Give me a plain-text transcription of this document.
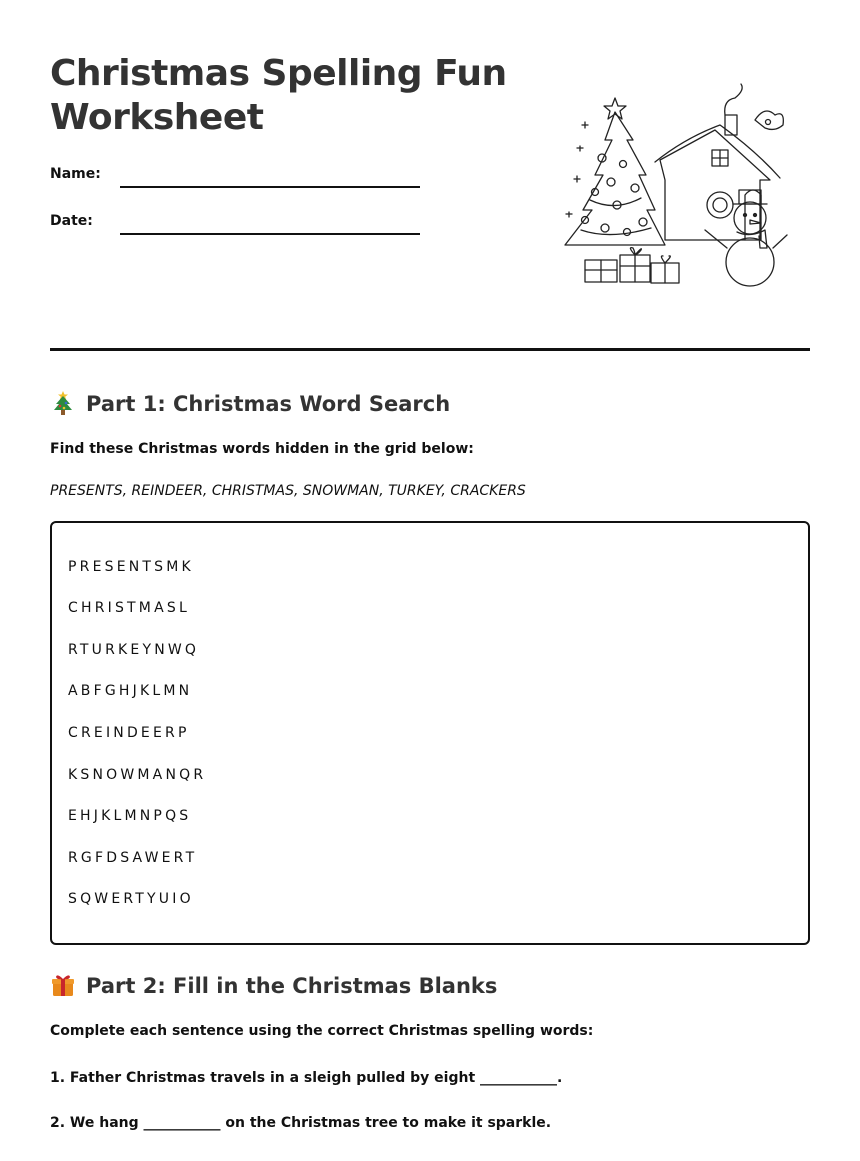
Christmas Spelling Fun Worksheet
Name:
Date:
Part 1: Christmas Word Search
Find these Christmas words hidden in the grid below:
PRESENTS, REINDEER, CHRISTMAS, SNOWMAN, TURKEY, CRACKERS
PRESENTSMK
CHRISTMASL
RTURKEYNWQ
ABFGHJKLMN
CREINDEERP
KSNOWMANQR
EHJKLMNPQS
RGFDSAWERT
SQWERTYUIO
Part 2: Fill in the Christmas Blanks
Complete each sentence using the correct Christmas spelling words:
1. Father Christmas travels in a sleigh pulled by eight ___________.
2. We hang ___________ on the Christmas tree to make it sparkle.
